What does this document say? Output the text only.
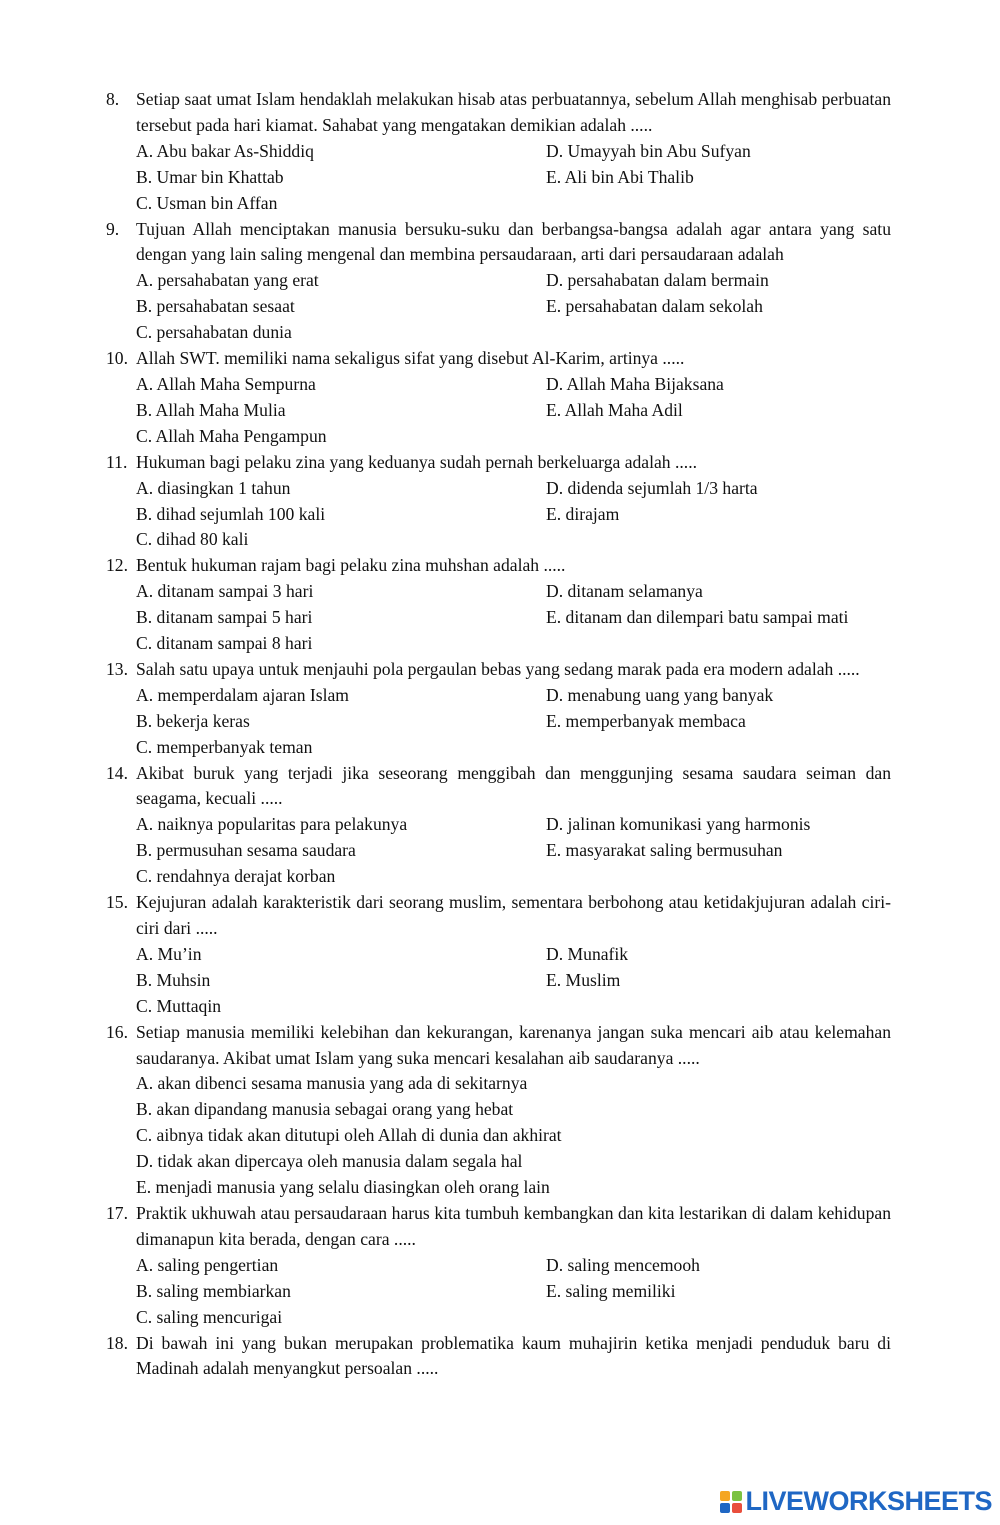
8. Setiap saat umat Islam hendaklah melakukan hisab atas perbuatannya, sebelum Allah menghisab perbuatan tersebut pada hari kiamat. Sahabat yang mengatakan demikian adalah .....
A. Abu bakar As-Shiddiq	D. Umayyah bin Abu Sufyan
B. Umar bin Khattab	E. Ali bin Abi Thalib
C. Usman bin Affan
9. Tujuan Allah menciptakan manusia bersuku-suku dan berbangsa-bangsa adalah agar antara yang satu dengan yang lain saling mengenal dan membina persaudaraan, arti dari persaudaraan adalah
A. persahabatan yang erat	D. persahabatan dalam bermain
B. persahabatan sesaat	E. persahabatan dalam sekolah
C. persahabatan dunia
10. Allah SWT. memiliki nama sekaligus sifat yang disebut Al-Karim, artinya .....
A. Allah Maha Sempurna	D. Allah Maha Bijaksana
B. Allah Maha Mulia	E. Allah Maha Adil
C. Allah Maha Pengampun
11. Hukuman bagi pelaku zina yang keduanya sudah pernah berkeluarga adalah .....
A. diasingkan 1 tahun	D. didenda sejumlah 1/3 harta
B. dihad sejumlah 100 kali	E. dirajam
C. dihad 80 kali
12. Bentuk hukuman rajam bagi pelaku zina muhshan adalah .....
A. ditanam sampai 3 hari	D. ditanam selamanya
B. ditanam sampai 5 hari	E. ditanam dan dilempari batu sampai mati
C. ditanam sampai 8 hari
13. Salah satu upaya untuk menjauhi pola pergaulan bebas yang sedang marak pada era modern adalah .....
A. memperdalam ajaran Islam	D. menabung uang yang banyak
B. bekerja keras	E. memperbanyak membaca
C. memperbanyak teman
14. Akibat buruk yang terjadi jika seseorang menggibah dan menggunjing sesama saudara seiman dan seagama, kecuali .....
A. naiknya popularitas para pelakunya	D. jalinan komunikasi yang harmonis
B. permusuhan sesama saudara	E. masyarakat saling bermusuhan
C. rendahnya derajat korban
15. Kejujuran adalah karakteristik dari seorang muslim, sementara berbohong atau ketidakjujuran adalah ciri-ciri dari .....
A. Mu’in	D. Munafik
B. Muhsin	E. Muslim
C. Muttaqin
16. Setiap manusia memiliki kelebihan dan kekurangan, karenanya jangan suka mencari aib atau kelemahan saudaranya. Akibat umat Islam yang suka mencari kesalahan aib saudaranya .....
A. akan dibenci sesama manusia yang ada di sekitarnya
B. akan dipandang manusia sebagai orang yang hebat
C. aibnya tidak akan ditutupi oleh Allah di dunia dan akhirat
D. tidak akan dipercaya oleh manusia dalam segala hal
E. menjadi manusia yang selalu diasingkan oleh orang lain
17. Praktik ukhuwah atau persaudaraan harus kita tumbuh kembangkan dan kita lestarikan di dalam kehidupan dimanapun kita berada, dengan cara .....
A. saling pengertian	D. saling mencemooh
B. saling membiarkan	E. saling memiliki
C. saling mencurigai
18. Di bawah ini yang bukan merupakan problematika kaum muhajirin ketika menjadi penduduk baru di Madinah adalah menyangkut persoalan .....
LIVEWORKSHEETS
